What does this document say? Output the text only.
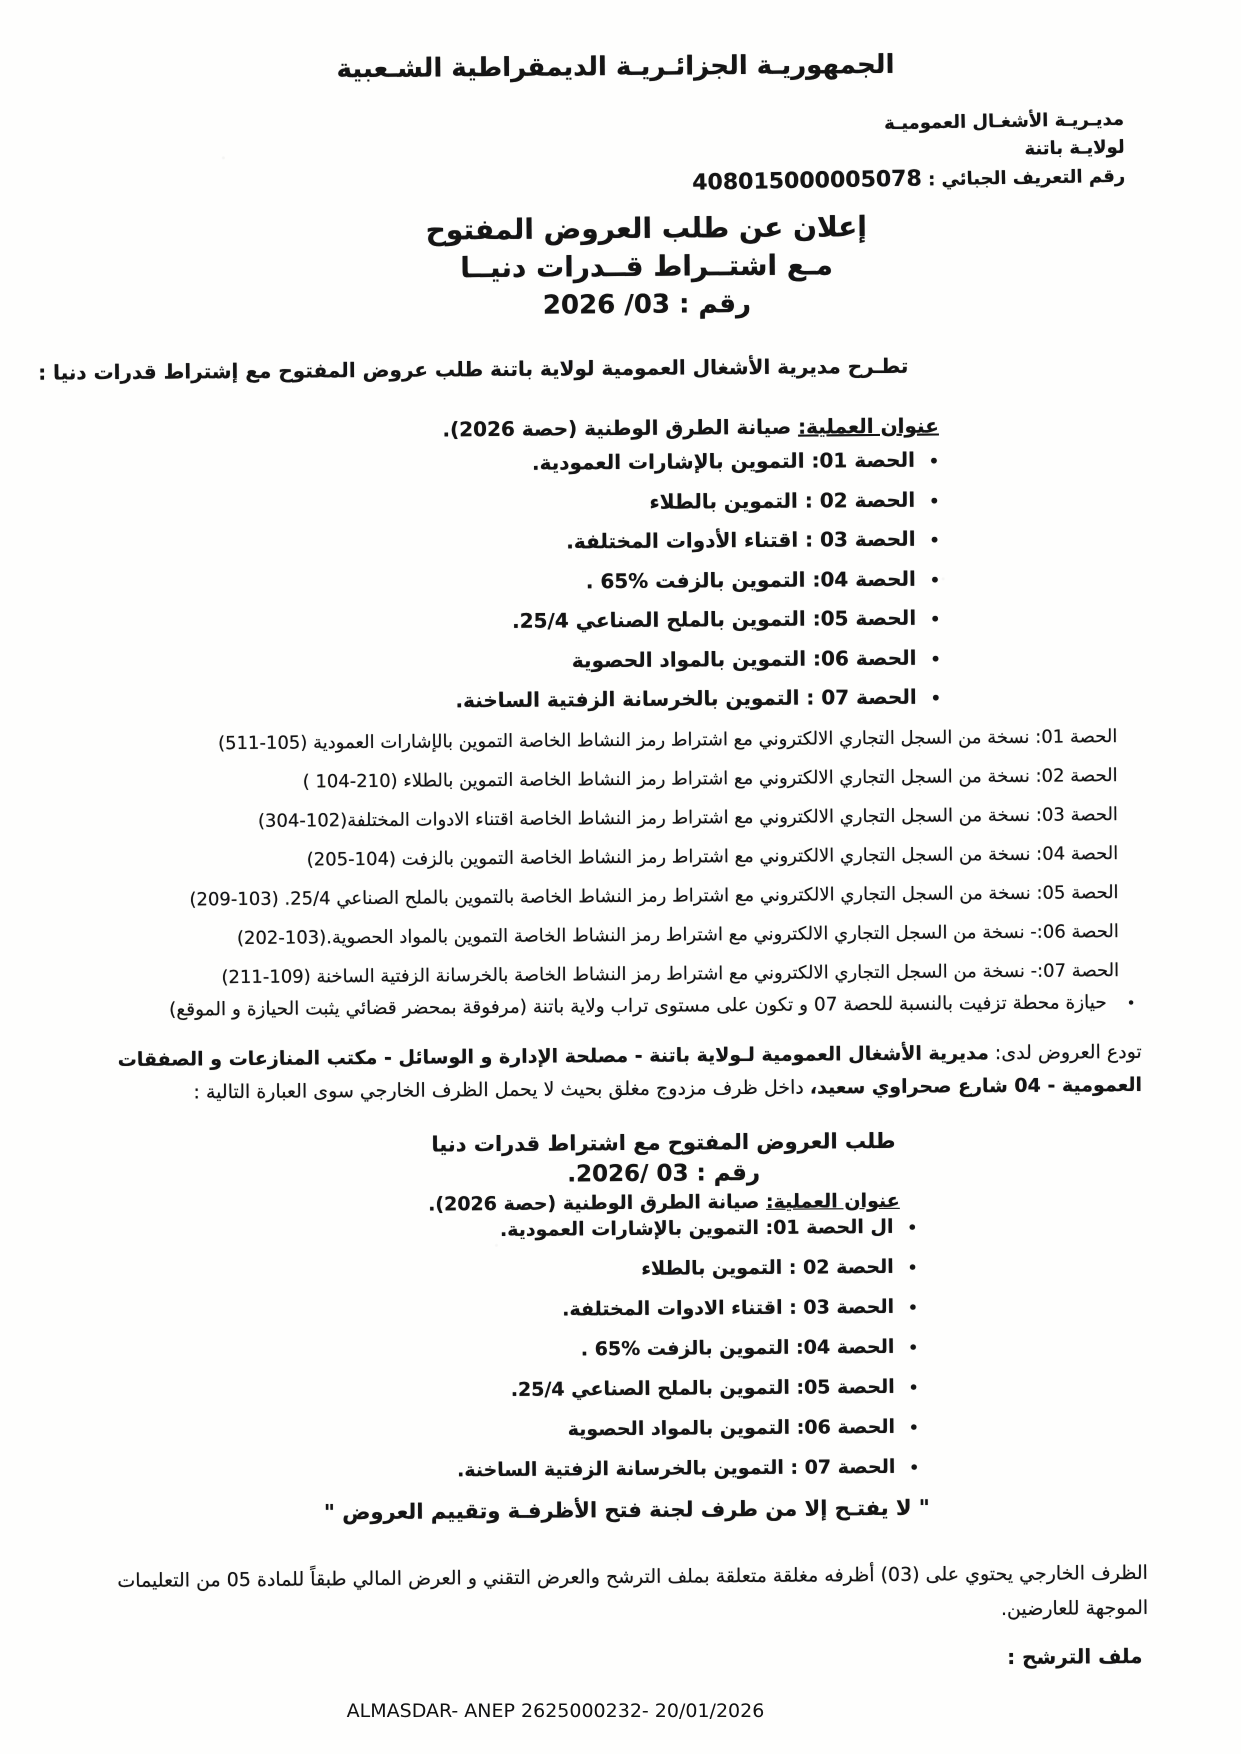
الجمهوريـة الجزائـريـة الديمقراطية الشـعبية
مديـريـة الأشغـال العموميـة
لولايـة باتنة
رقم التعريف الجبائي : 408015000005078
إعلان عن طلب العروض المفتوح
مـع اشتــراط قــدرات دنيــا
رقم : 03/ 2026
تطـرح مديرية الأشغال العمومية لولاية باتنة طلب عروض المفتوح مع إشتراط قدرات دنيا :
عنوان العملية: صيانة الطرق الوطنية (حصة 2026).
•الحصة 01: التموين بالإشارات العمودية.
•الحصة 02 : التموين بالطلاء
•الحصة 03 : اقتناء الأدوات المختلفة.
•الحصة 04: التموين بالزفت %65 .
•الحصة 05: التموين بالملح الصناعي 25/4.
•الحصة 06: التموين بالمواد الحصوية
•الحصة 07 : التموين بالخرسانة الزفتية الساخنة.
الحصة 01: نسخة من السجل التجاري الالكتروني مع اشتراط رمز النشاط الخاصة التموين بالإشارات العمودية (105-511)
الحصة 02: نسخة من السجل التجاري الالكتروني مع اشتراط رمز النشاط الخاصة التموين بالطلاء (210-104 )
الحصة 03: نسخة من السجل التجاري الالكتروني مع اشتراط رمز النشاط الخاصة اقتناء الادوات المختلفة(102-304)
الحصة 04: نسخة من السجل التجاري الالكتروني مع اشتراط رمز النشاط الخاصة التموين بالزفت (104-205)
الحصة 05: نسخة من السجل التجاري الالكتروني مع اشتراط رمز النشاط الخاصة بالتموين بالملح الصناعي 25/4. (103-209)
الحصة 06:- نسخة من السجل التجاري الالكتروني مع اشتراط رمز النشاط الخاصة التموين بالمواد الحصوية.(103-202)
الحصة 07:- نسخة من السجل التجاري الالكتروني مع اشتراط رمز النشاط الخاصة بالخرسانة الزفتية الساخنة (109-211)
• حيازة محطة تزفيت بالنسبة للحصة 07 و تكون على مستوى تراب ولاية باتنة (مرفوقة بمحضر قضائي يثبت الحيازة و الموقع)
تودع العروض لدى: مديرية الأشغال العمومية لـولاية باتنة - مصلحة الإدارة و الوسائل - مكتب المنازعات و الصفقات العمومية - 04 شارع صحراوي سعيد، داخل ظرف مزدوج مغلق بحيث لا يحمل الظرف الخارجي سوى العبارة التالية :
طلب العروض المفتوح مع اشتراط قدرات دنيا
رقم : 03 /2026.
عنوان العملية: صيانة الطرق الوطنية (حصة 2026).
•ال الحصة 01: التموين بالإشارات العمودية.
•الحصة 02 : التموين بالطلاء
•الحصة 03 : اقتناء الادوات المختلفة.
•الحصة 04: التموين بالزفت %65 .
•الحصة 05: التموين بالملح الصناعي 25/4.
•الحصة 06: التموين بالمواد الحصوية
•الحصة 07 : التموين بالخرسانة الزفتية الساخنة.
" لا يفتـح إلا من طرف لجنة فتح الأظرفـة وتقييم العروض "
الظرف الخارجي يحتوي على (03) أظرفه مغلقة متعلقة بملف الترشح والعرض التقني و العرض المالي طبقاً للمادة 05 من التعليمات الموجهة للعارضين.
ملف الترشح :
ALMASDAR- ANEP 2625000232- 20/01/2026
